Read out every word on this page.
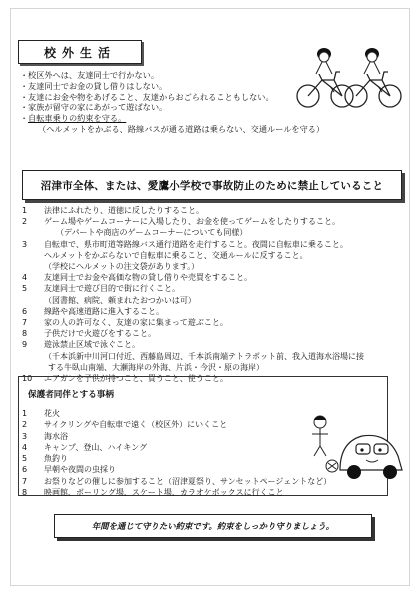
校外生活
・校区外へは、友達同士で行かない。
・友達同士でお金の貸し借りはしない。
・友達にお金や物をあげること、友達からおごられることもしない。
・家族が留守の家にあがって遊ばない。
・自転車乗りの約束を守る。
（ヘルメットをかぶる、路線バスが通る道路は乗らない、交通ルールを守る）
沼津市全体、または、愛鷹小学校で事故防止のために禁止していること
1	法律にふれたり、道徳に反したりすること。
2	ゲーム場やゲームコーナーに入場したり、お金を使ってゲームをしたりすること。
（デパートや商店のゲームコーナーについても同様）
3	自転車で、県市町道等路線バス通行道路を走行すること。夜間に自転車に乗ること。
ヘルメットをかぶらないで自転車に乗ること、交通ルールに反すること。
（学校にヘルメットの注文袋があります。）
4	友達同士でお金や高価な物の貸し借りや売買をすること。
5	友達同士で遊び目的で街に行くこと。
（図書館、病院、頼まれたおつかいは可）
6	線路や高速道路に進入すること。
7	家の人の許可なく、友達の家に集まって遊ぶこと。
8	子供だけで火遊びをすること。
9	遊泳禁止区域で泳ぐこと。
（千本浜新中川河口付近、西藤島周辺、千本浜南端テトラポット前、我入道海水浴場に接
する牛臥山南端、大瀬海岸の外海、片浜・今沢・原の海岸）
10	エアガンを子供が持つこと、買うこと、使うこと。
保護者同伴とする事柄
1	花火
2	サイクリングや自転車で遠く（校区外）にいくこと
3	海水浴
4	キャンプ、登山、ハイキング
5	魚釣り
6	早朝や夜間の虫採り
7	お祭りなどの催しに参加すること（沼津夏祭り、サンセットページェントなど）
8	映画館、ボーリング場、スケート場、カラオケボックスに行くこと
年間を通じて守りたい約束です。約束をしっかり守りましょう。
